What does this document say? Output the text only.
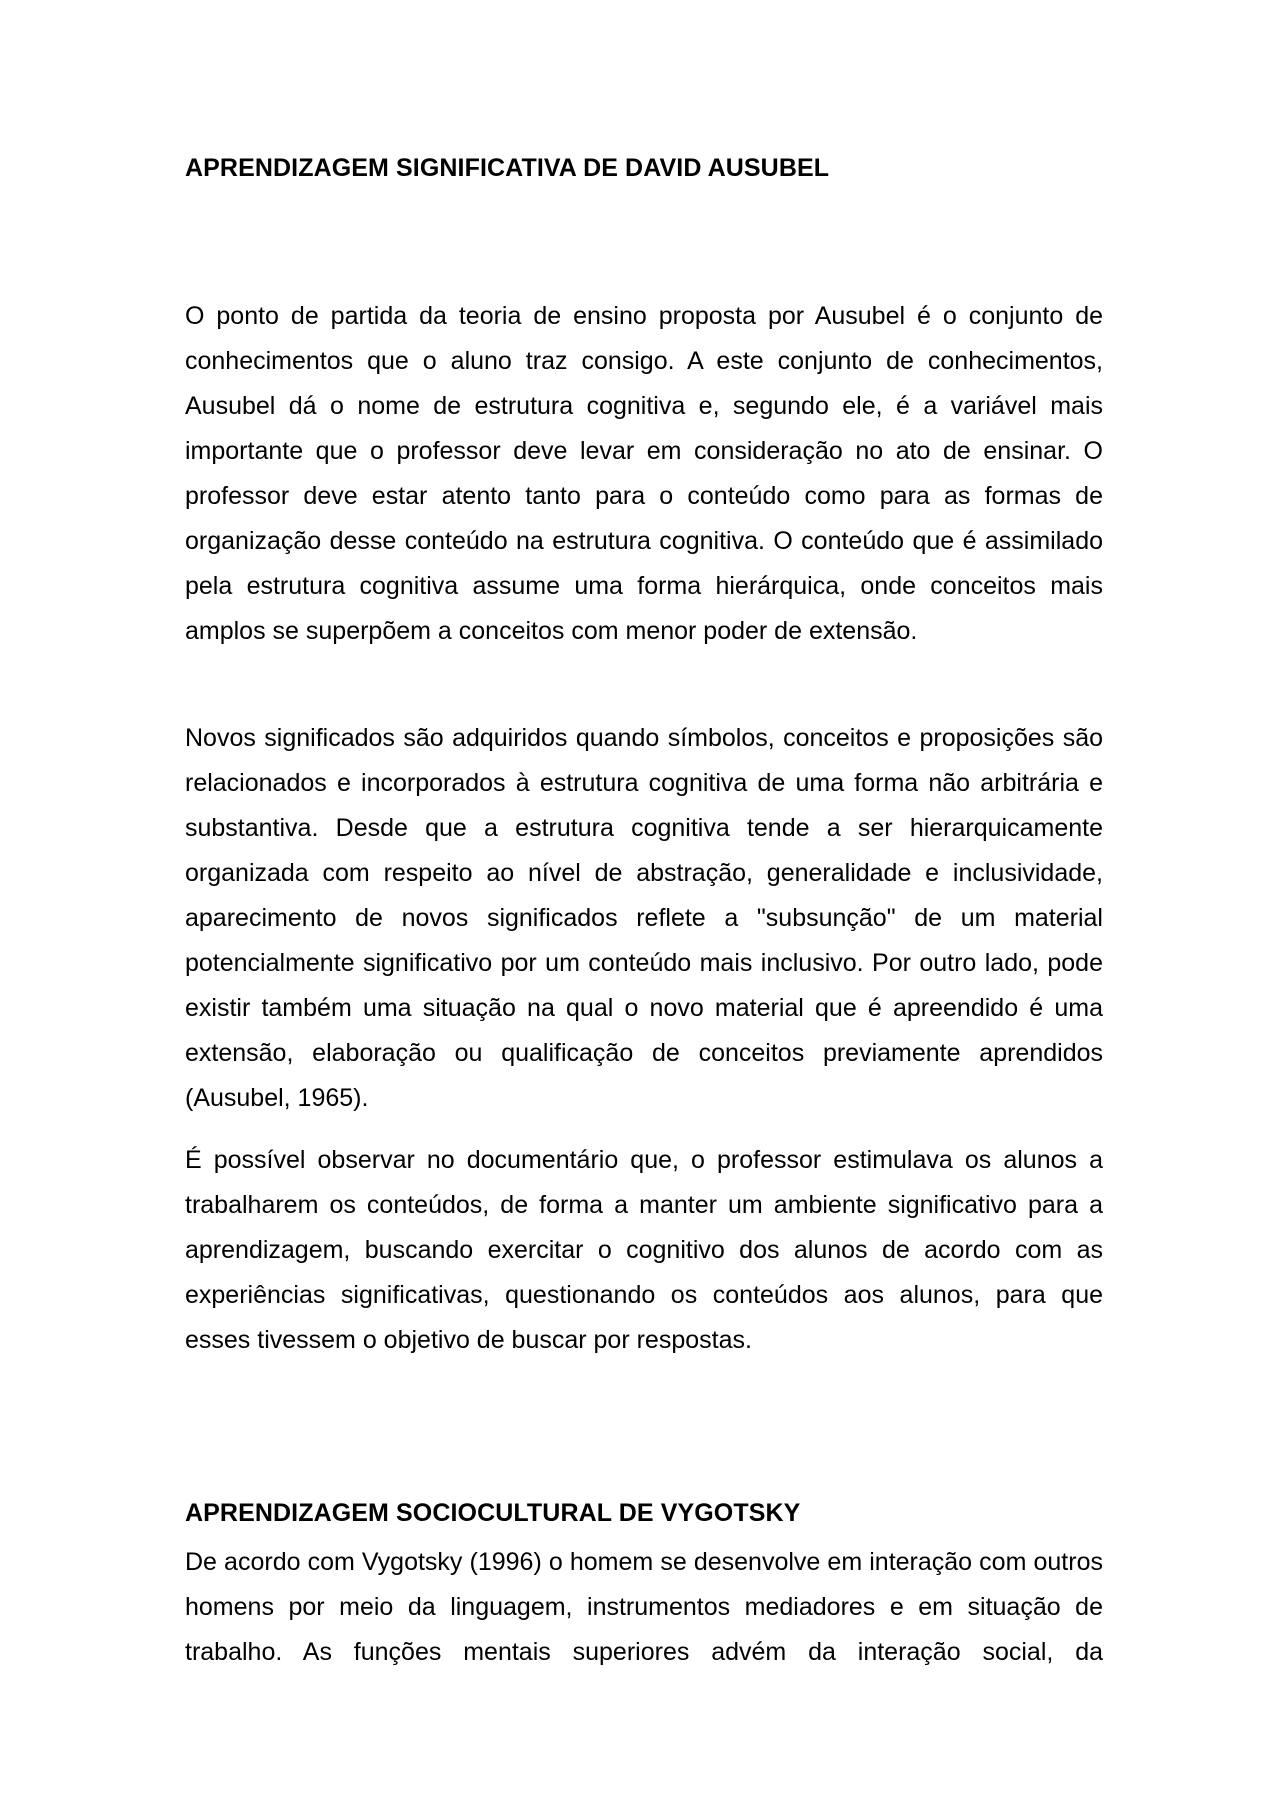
APRENDIZAGEM SIGNIFICATIVA DE DAVID AUSUBEL

O ponto de partida da teoria de ensino proposta por Ausubel é o conjunto de conhecimentos que o aluno traz consigo. A este conjunto de conhecimentos, Ausubel dá o nome de estrutura cognitiva e, segundo ele, é a variável mais importante que o professor deve levar em consideração no ato de ensinar. O professor deve estar atento tanto para o conteúdo como para as formas de organização desse conteúdo na estrutura cognitiva. O conteúdo que é assimilado pela estrutura cognitiva assume uma forma hierárquica, onde conceitos mais amplos se superpõem a conceitos com menor poder de extensão.

Novos significados são adquiridos quando símbolos, conceitos e proposições são relacionados e incorporados à estrutura cognitiva de uma forma não arbitrária e substantiva. Desde que a estrutura cognitiva tende a ser hierarquicamente organizada com respeito ao nível de abstração, generalidade e inclusividade, aparecimento de novos significados reflete a "subsunção" de um material potencialmente significativo por um conteúdo mais inclusivo. Por outro lado, pode existir também uma situação na qual o novo material que é apreendido é uma extensão, elaboração ou qualificação de conceitos previamente aprendidos (Ausubel, 1965).

É possível observar no documentário que, o professor estimulava os alunos a trabalharem os conteúdos, de forma a manter um ambiente significativo para a aprendizagem, buscando exercitar o cognitivo dos alunos de acordo com as experiências significativas, questionando os conteúdos aos alunos, para que esses tivessem o objetivo de buscar por respostas.

APRENDIZAGEM SOCIOCULTURAL DE VYGOTSKY

De acordo com Vygotsky (1996) o homem se desenvolve em interação com outros homens por meio da linguagem, instrumentos mediadores e em situação de trabalho. As funções mentais superiores advém da interação social, da
